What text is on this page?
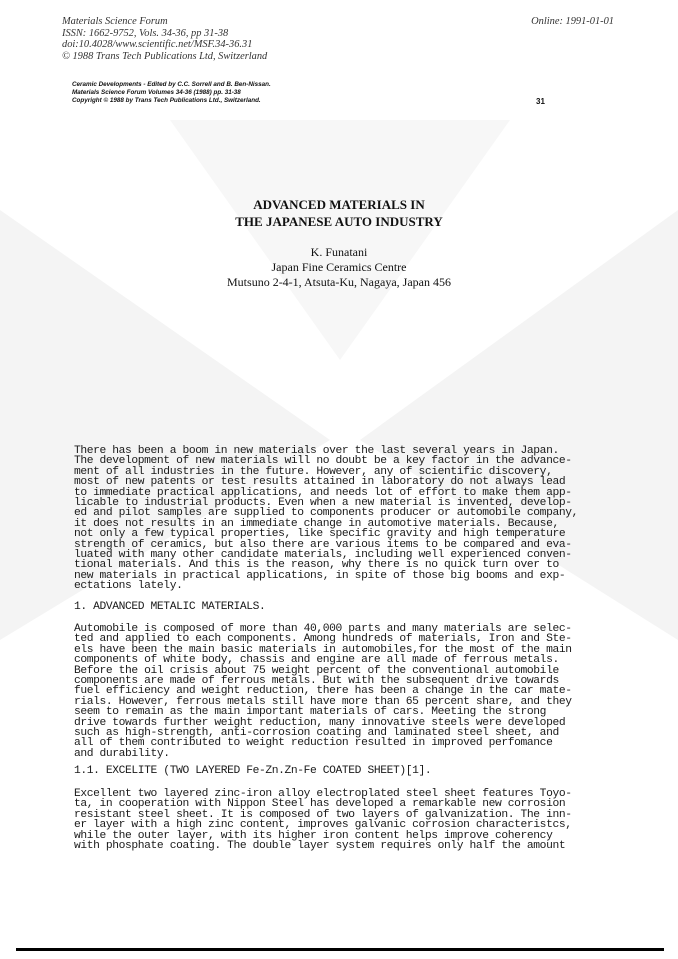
Materials Science Forum
ISSN: 1662-9752, Vols. 34-36, pp 31-38
doi:10.4028/www.scientific.net/MSF.34-36.31
© 1988 Trans Tech Publications Ltd, Switzerland
Online: 1991-01-01
Ceramic Developments - Edited by C.C. Sorrell and B. Ben-Nissan.
Materials Science Forum Volumes 34-36 (1988) pp. 31-38
Copyright © 1988 by Trans Tech Publications Ltd., Switzerland.	31
ADVANCED MATERIALS IN
THE JAPANESE AUTO INDUSTRY
K. Funatani
Japan Fine Ceramics Centre
Mutsuno 2-4-1, Atsuta-Ku, Nagaya, Japan 456
There has been a boom in new materials over the last several years in Japan.
The development of new materials will no doubt be a key factor in the advance-
ment of all industries in the future. However, any of scientific discovery,
most of new patents or test results attained in laboratory do not always lead
to immediate practical applications, and needs lot of effort to make them app-
licable to industrial products. Even when a new material is invented, develop-
ed and pilot samples are supplied to components producer or automobile company,
it does not results in an immediate change in automotive materials. Because,
not only a few typical properties, like specific gravity and high temperature
strength of ceramics, but also there are various items to be compared and eva-
luated with many other candidate materials, including well experienced conven-
tional materials. And this is the reason, why there is no quick turn over to
new materials in practical applications, in spite of those big booms and exp-
ectations lately.
1. ADVANCED METALIC MATERIALS.
Automobile is composed of more than 40,000 parts and many materials are selec-
ted and applied to each components. Among hundreds of materials, Iron and Ste-
els have been the main basic materials in automobiles,for the most of the main
components of white body, chassis and engine are all made of ferrous metals.
Before the oil crisis about 75 weight percent of the conventional automobile
components are made of ferrous metals. But with the subsequent drive towards
fuel efficiency and weight reduction, there has been a change in the car mate-
rials. However, ferrous metals still have more than 65 percent share, and they
seem to remain as the main important materials of cars. Meeting the strong
drive towards further weight reduction, many innovative steels were developed
such as high-strength, anti-corrosion coating and laminated steel sheet, and
all of them contributed to weight reduction resulted in improved perfomance
and durability.
1.1. EXCELITE (TWO LAYERED Fe-Zn.Zn-Fe COATED SHEET)[1].
Excellent two layered zinc-iron alloy electroplated steel sheet features Toyo-
ta, in cooperation with Nippon Steel has developed a remarkable new corrosion
resistant steel sheet. It is composed of two layers of galvanization. The inn-
er layer with a high zinc content, improves galvanic corrosion characteristcs,
while the outer layer, with its higher iron content helps improve coherency
with phosphate coating. The double layer system requires only half the amount
